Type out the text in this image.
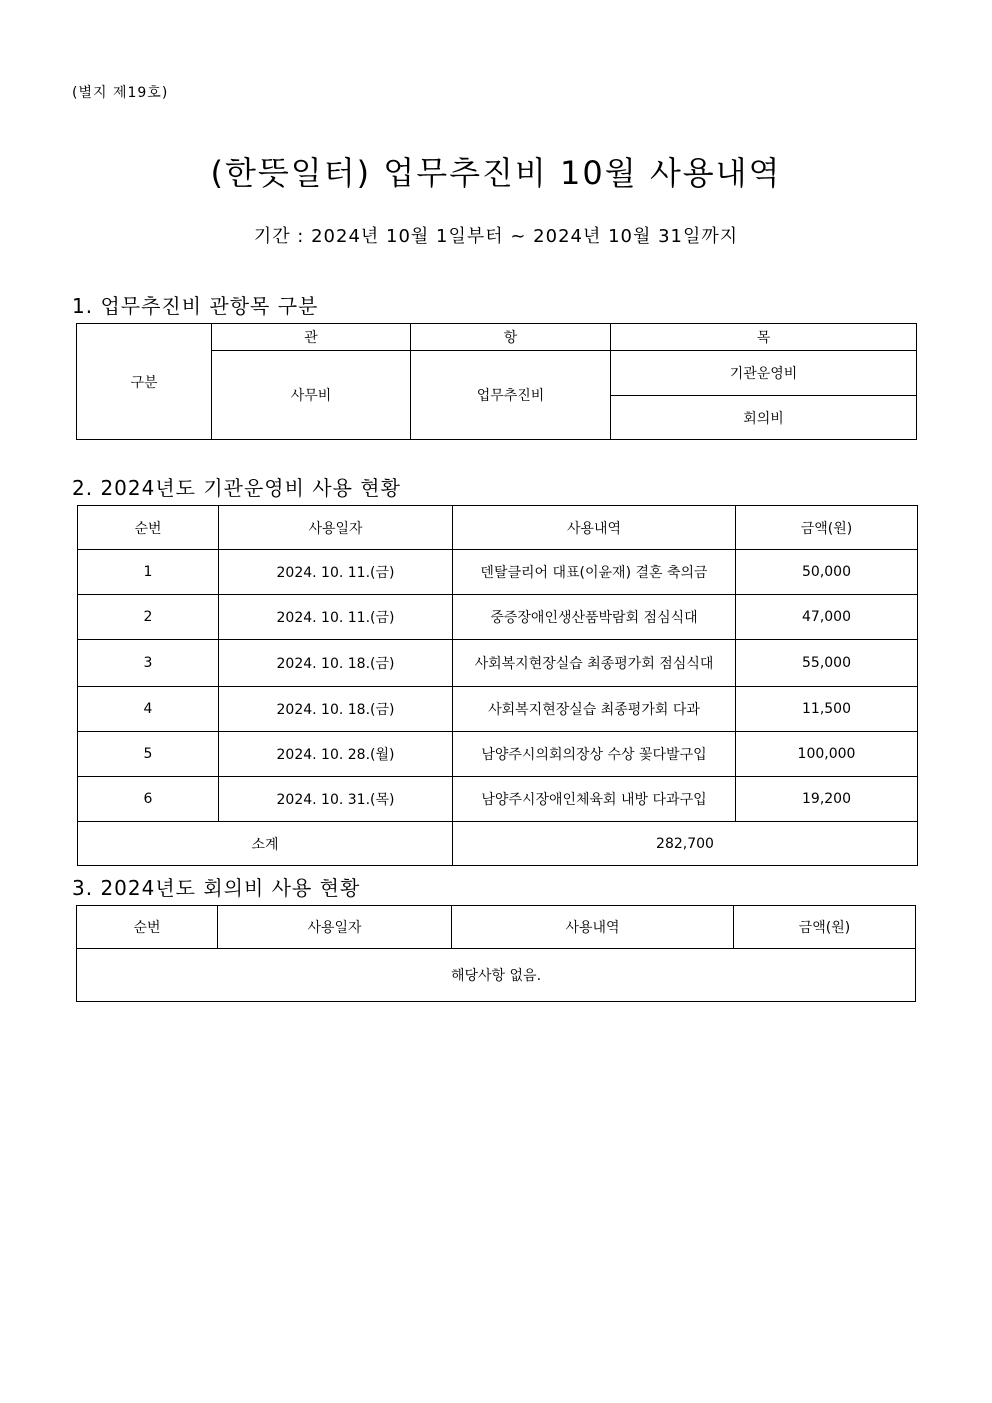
(별지 제19호)
(한뜻일터) 업무추진비 10월 사용내역
기간 : 2024년 10월 1일부터 ~ 2024년 10월 31일까지
1. 업무추진비 관항목 구분
구분	관	항	목
	사무비	업무추진비	기관운영비
			회의비
2. 2024년도 기관운영비 사용 현황
순번	사용일자	사용내역	금액(원)
1	2024. 10. 11.(금)	덴탈클리어 대표(이윤재) 결혼 축의금	50,000
2	2024. 10. 11.(금)	중증장애인생산품박람회 점심식대	47,000
3	2024. 10. 18.(금)	사회복지현장실습 최종평가회 점심식대	55,000
4	2024. 10. 18.(금)	사회복지현장실습 최종평가회 다과	11,500
5	2024. 10. 28.(월)	남양주시의회의장상 수상 꽃다발구입	100,000
6	2024. 10. 31.(목)	남양주시장애인체육회 내방 다과구입	19,200
소계		282,700	
3. 2024년도 회의비 사용 현황
순번	사용일자	사용내역	금액(원)
해당사항 없음.
